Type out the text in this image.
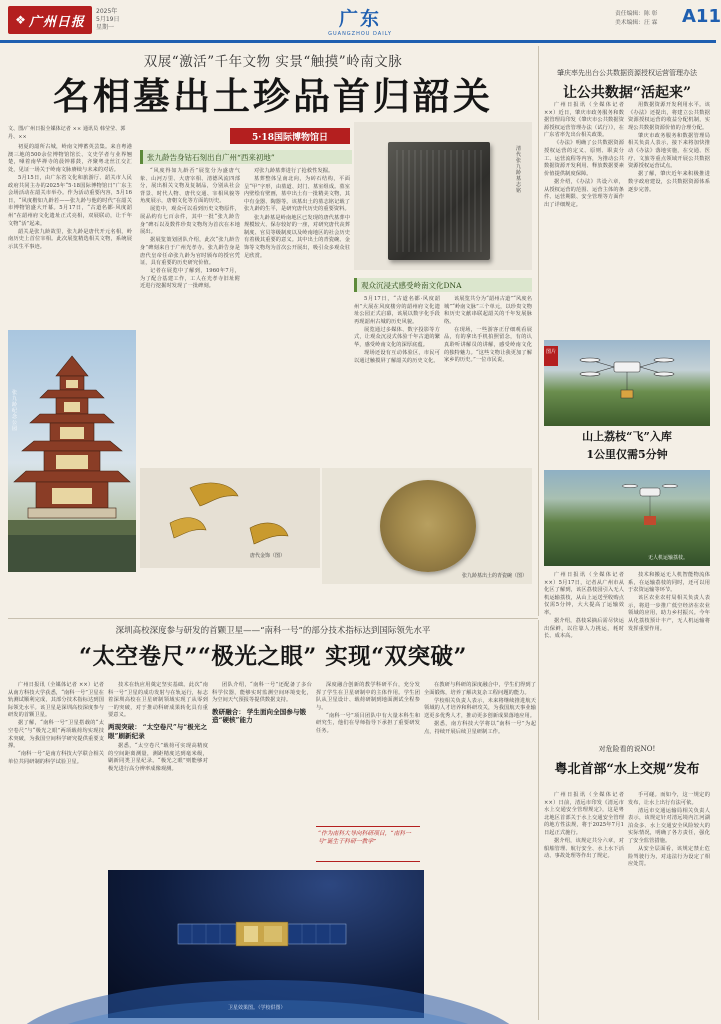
❖ 广州日报
2025年
5月19日
星期一	广东
GUANGZHOU DAILY
责任编辑：陈 彰
美术编辑：汪 霖 A11
双展“激活”千年文物 实景“触摸”岭南文脉
名相墓出土珍品首归韶关
文、图/广州日报全媒体记者 ×× 通讯员 韩莹莹、郭丹、××

初夏的韶所古城，岭南文博蓄英芸集。来自粤港澳三地的500余位博物馆馆长、文史学者与业界翘楚，嗓着南华禅寺的晨钟暮鼓，齐聚粤北丝江交汇处，见证一场关于岭南文脉赓续与未来的对话。

5月15日，由广东省文化和旅游厅、韶关市人民政府共同主办的2025年“5·18国际博物馆日”广东主会场活动在韶关市举办。作为活动重要内容，5月16日，“风度楷如九龄若——张九龄与他的时代”在韶关市博物馆盛大开幕。5月17日，“古道名都·风度韶州”在韶州府文化遗址正式亮相，双展联动，让千年文物“活”起来。

韶关是张九龄故里，张九龄是唐代开元名相，岭南历史上首位宰相。此次展览精选相关文物，系统展示其生平事迹。

张九龄纪念公园
5·18国际博物馆日
清代张九龄墓志铭
张九龄告身钴石刻出自广州“西来初地”

“风度得如九龄否”展览分为盛唐气象、山河万里、大唐宰相、清德风流四部分，展出相关文物及复制品，分别从社会背景、时代人物、唐代交通、宰相风貌等角度展示，唐朝文化等方面的历史。

展览中，观众可以看到历史文物原件，展品约有七百余件，其中一批“张九龄告身”碑石以及数件珍贵文物均为首次在本地展出。

据展览策划团队介绍，此次“张九龄告身”碑刻来自于广州光孝寺。张九龄告身是唐代皇帝任命张九龄为官时颁布的授官凭证，具有重要的历史研究价值。

记者在展览中了解到，1960年7月，为了配合基建工作，工人在光孝寺旧址附近进行挖掘时发现了一批碑刻。

对张九龄墓葬进行了抢救性发掘。

墓葬整体呈南北向，为砖石结构，平面呈“甲”字形，由墓道、封门、墓室组成。墓室内壁绘有壁画，墓中出土有一批精美文物，其中有金器、陶器等。该墓出土的墓志铭记载了张九龄的生平，是研究唐代历史的重要资料。

张九龄墓是岭南地区已发现的唐代墓葬中规模较大、保存较好的一座，对研究唐代丧葬制度、官员等级制度以及岭南地区的社会历史有着极其重要的意义。其中出土的青瓷碗、金饰等文物均为首次公开展出，吸引众多观众驻足欣赏。

观众沉浸式感受岭南文化DNA

5月17日，“古道名都·风度韶州”大展在风度楼旁的韶州府文化遗址公园正式启幕，该展以数字化手段再现韶州古城的历史风貌。

展览通过多媒体、数字投影等方式，让观众沉浸式体验千年古道的繁华，感受岭南文化的深厚底蕴。

现场还设有互动体验区，市民可以通过触摸屏了解韶关的历史文化。

该展览共分为“韶州古道”“风度名城”“岭南文脉”三个单元，以珍贵文物和历史文献串联起韶关的千年发展脉络。

在现场，一些游客正仔细观看展品，有的拿出手机拍照留念，有的认真聆听讲解员的讲解，感受岭南文化的独特魅力。“这些文物让我更加了解家乡的历史。”一位市民说。

唐代金饰（图）
张九龄墓出土的青瓷碗（图）
肇庆率先出台公共数据资源授权运营管理办法
让公共数据“活起来”

广州日报讯（全媒体记者 ××）近日，肇庆市政务服务和数据管理局印发《肇庆市公共数据资源授权运营管理办法（试行）》，在广东省率先出台相关政策。

《办法》明确了公共数据资源授权运营的定义、原则、职责分工、运营流程等内容，为推动公共数据资源开发利用、释放数据要素价值提供制度保障。

据介绍，《办法》共设六章，从授权运营的范围、运营主体的条件、运营期限、安全管理等方面作出了详细规定。

用数据资源开发利用水平。该《办法》还提出，将建立公共数据资源授权运营的收益分配机制，实现公共数据资源价值的合理分配。

肇庆市政务服务和数据管理局相关负责人表示，接下来将加快推动《办法》落地实施，在交通、医疗、文旅等重点领域开展公共数据资源授权运营试点。

据了解，肇庆近年来积极推进数字政府建设，公共数据资源体系逐步完善。

图片
山上荔枝“飞”入库
1公里仅需5分钟
无人机运输荔枝。

广州日报讯（全媒体记者 ××）5月17日，记者从广州市从化区了解到，该区荔枝园引入无人机运输荔枝，从山上运送至收购点仅需5分钟，大大提高了运输效率。

据介绍，荔枝采摘后需尽快运出保鲜，以往靠人力挑运，耗时长、成本高。

技术和搬运无人机智能物流体系，在运输荔枝的同时，还可以用于农资运输等环节。

该区农业农村局相关负责人表示，将进一步推广低空经济在农业领域的应用，助力乡村振兴。今年从化荔枝预计丰产，无人机运输将发挥重要作用。

对危险看的说NO!
粤北首部“水上交规”发布

广州日报讯（全媒体记者 ××）日前，清远市印发《清远市水上交通安全管理规定》，这是粤北地区首部关于水上交通安全管理的地方性法规，将于2025年7月1日起正式施行。

据介绍，该规定共分六章，对船舶管理、航行安全、水上水下活动、事故处理等作出了规定。

手可碰。而如今，这一规定的发布，让水上出行有法可依。

清远市交通运输局相关负责人表示，该规定针对清远境内江河湖泊众多、水上交通安全风险较大的实际情况，明确了各方责任，强化了安全监管措施。

从安全层面看，该规定禁止危险驾驶行为，对违法行为设定了相应处罚。

深圳高校深度参与研发的首颗卫星——“南科一号”的部分技术指标达到国际领先水平
“太空卷尺”“极光之眼” 实现“双突破”

广州日报讯（全媒体记者 ××）记者从南方科技大学获悉，“南科一号”卫星在轨测试顺利完成，其部分技术指标达到国际领先水平。该卫星是深圳高校深度参与研发的首颗卫星。

据了解，“南科一号”卫星搭载的“太空卷尺”与“极光之眼”两项载荷均实现技术突破，为我国空间科学研究提供重要支撑。

“南科一号”是南方科技大学联合相关单位共同研制的科学试验卫星。

技术在轨应用奠定坚实基础。此次“南科一号”卫星的成功发射与在轨运行，标志着深圳高校在卫星研制领域实现了从零到一的突破，对于推动科研成果转化具有重要意义。

两现突破： “太空卷尺”与“极光之眼”刷新纪录

据悉，“太空卷尺”载荷可实现高精度的空间距离测量，测距精度达到毫米级，刷新同类卫星纪录。“极光之眼”则能够对极光进行高分辨率成像观测。

团队介绍，“南科一号”还配备了多台科学仪器，能够实时监测空间环境变化，为空间天气预报等提供数据支持。

教研融合： 学生面向全国参与锻造“硬核”能力

深度融合创新的教学科研平台，充分发挥了学生在卫星研制中的主体作用。学生团队从卫星设计、载荷研制到地面测试全程参与。

“南科一号”项目团队中有大量本科生和研究生，他们在导师指导下承担了重要研发任务。

在教研与科研的深度融合中，学生们得到了全面锻炼，培养了解决复杂工程问题的能力。

学校相关负责人表示，未来将继续推进航天领域的人才培养和科研攻关，为我国航天事业输送更多优秀人才，推动更多创新成果落地应用。

据悉，南方科技大学将以“南科一号”为起点，持续开展后续卫星研制工作。

“作为南科大导向科研项目，“南科一号”诞生于科研一教学”
卫星效果图。（学校供图）
